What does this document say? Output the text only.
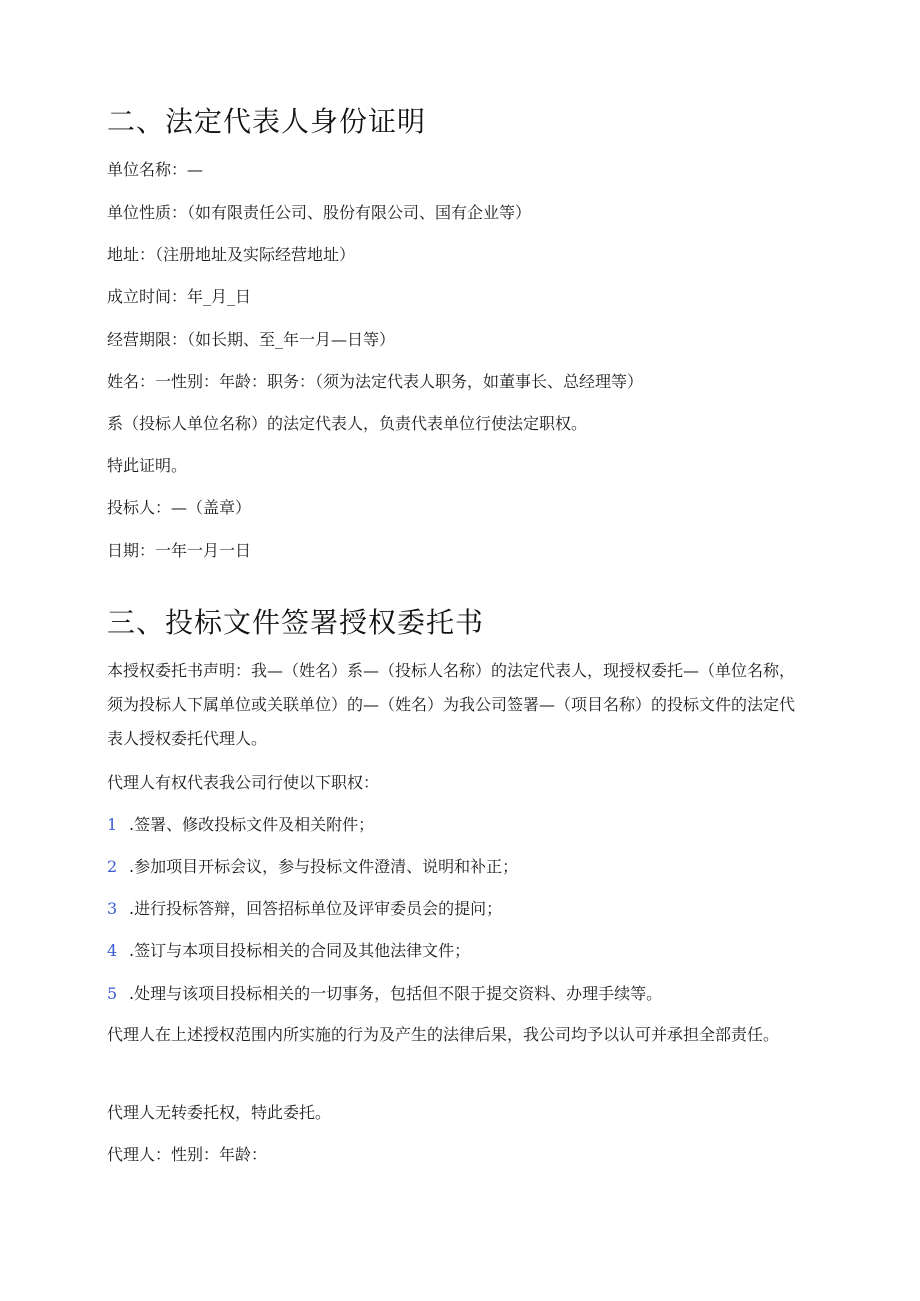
二、法定代表人身份证明

单位名称：—

单位性质：（如有限责任公司、股份有限公司、国有企业等）

地址：（注册地址及实际经营地址）

成立时间：年_月_日

经营期限：（如长期、至_年一月—日等）

姓名：一性别：年龄：职务：（须为法定代表人职务，如董事长、总经理等）

系（投标人单位名称）的法定代表人，负责代表单位行使法定职权。

特此证明。

投标人：—（盖章）

日期：一年一月一日

三、投标文件签署授权委托书

本授权委托书声明：我—（姓名）系—（投标人名称）的法定代表人，现授权委托—（单位名称，须为投标人下属单位或关联单位）的—（姓名）为我公司签署—（项目名称）的投标文件的法定代表人授权委托代理人。

代理人有权代表我公司行使以下职权：

1 .签署、修改投标文件及相关附件；

2 .参加项目开标会议，参与投标文件澄清、说明和补正；

3 .进行投标答辩，回答招标单位及评审委员会的提问；

4 .签订与本项目投标相关的合同及其他法律文件；

5 .处理与该项目投标相关的一切事务，包括但不限于提交资料、办理手续等。

代理人在上述授权范围内所实施的行为及产生的法律后果，我公司均予以认可并承担全部责任。

代理人无转委托权，特此委托。

代理人：性别：年龄：
